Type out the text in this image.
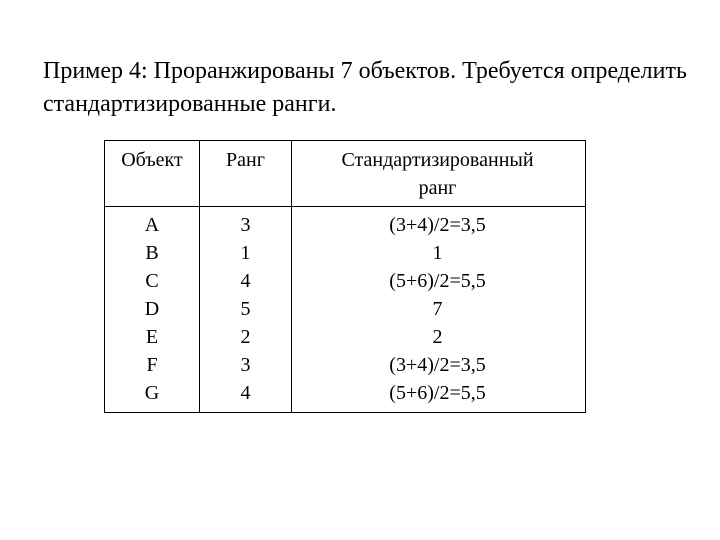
Пример 4: Проранжированы 7 объектов. Требуется определить стандартизированные ранги.
Объект	Ранг	Стандартизированный
ранг
A
B
C
D
E
F
G
3
1
4
5
2
3
4
(3+4)/2=3,5
1
(5+6)/2=5,5
7
2
(3+4)/2=3,5
(5+6)/2=5,5
